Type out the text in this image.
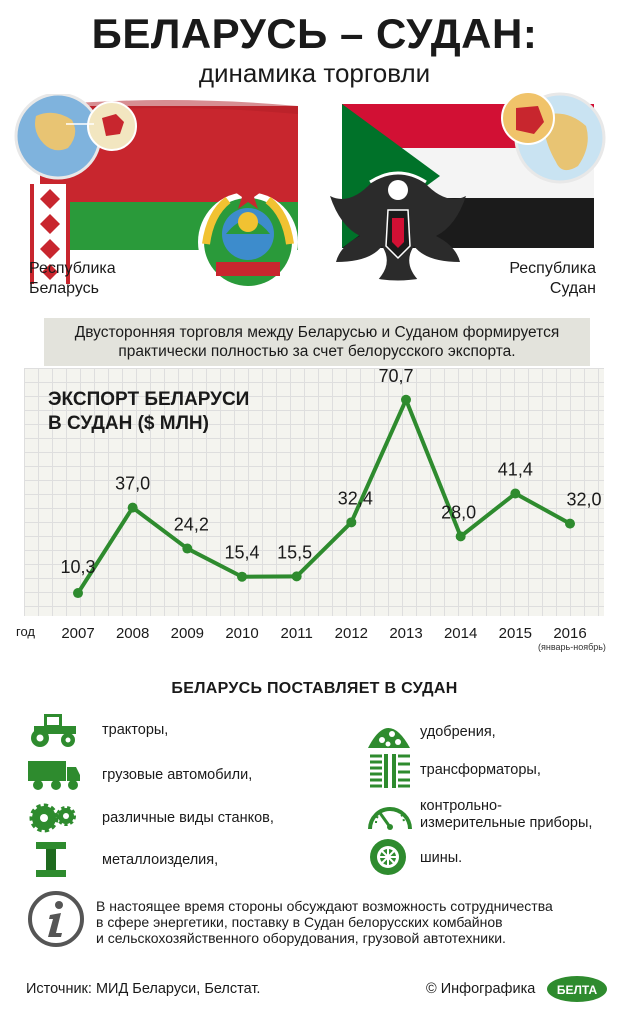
БЕЛАРУСЬ – СУДАН:
динамика торговли
Республика
Беларусь
Республика
Судан
Двусторонняя торговля между Беларусью и Суданом формируется
практически полностью за счет белорусского экспорта.
ЭКСПОРТ БЕЛАРУСИ
В СУДАН ($ МЛН)
10,3
37,0
24,2
15,4 15,5
32,4
70,7
28,0
41,4
32,0
2007 2008 2009 2010 2011 2012 2013 2014 2015 2016
год
(январь-ноябрь)
БЕЛАРУСЬ ПОСТАВЛЯЕТ В СУДАН
тракторы,
грузовые автомобили,
различные виды станков,
металлоизделия,
удобрения,
трансформаторы,
контрольно-
измерительные приборы,
шины.
В настоящее время стороны обсуждают возможность сотрудничества
в сфере энергетики, поставку в Судан белорусских комбайнов
и сельскохозяйственного оборудования, грузовой автотехники.
Источник: МИД Беларуси, Белстат.	© Инфографика БЕЛТА
